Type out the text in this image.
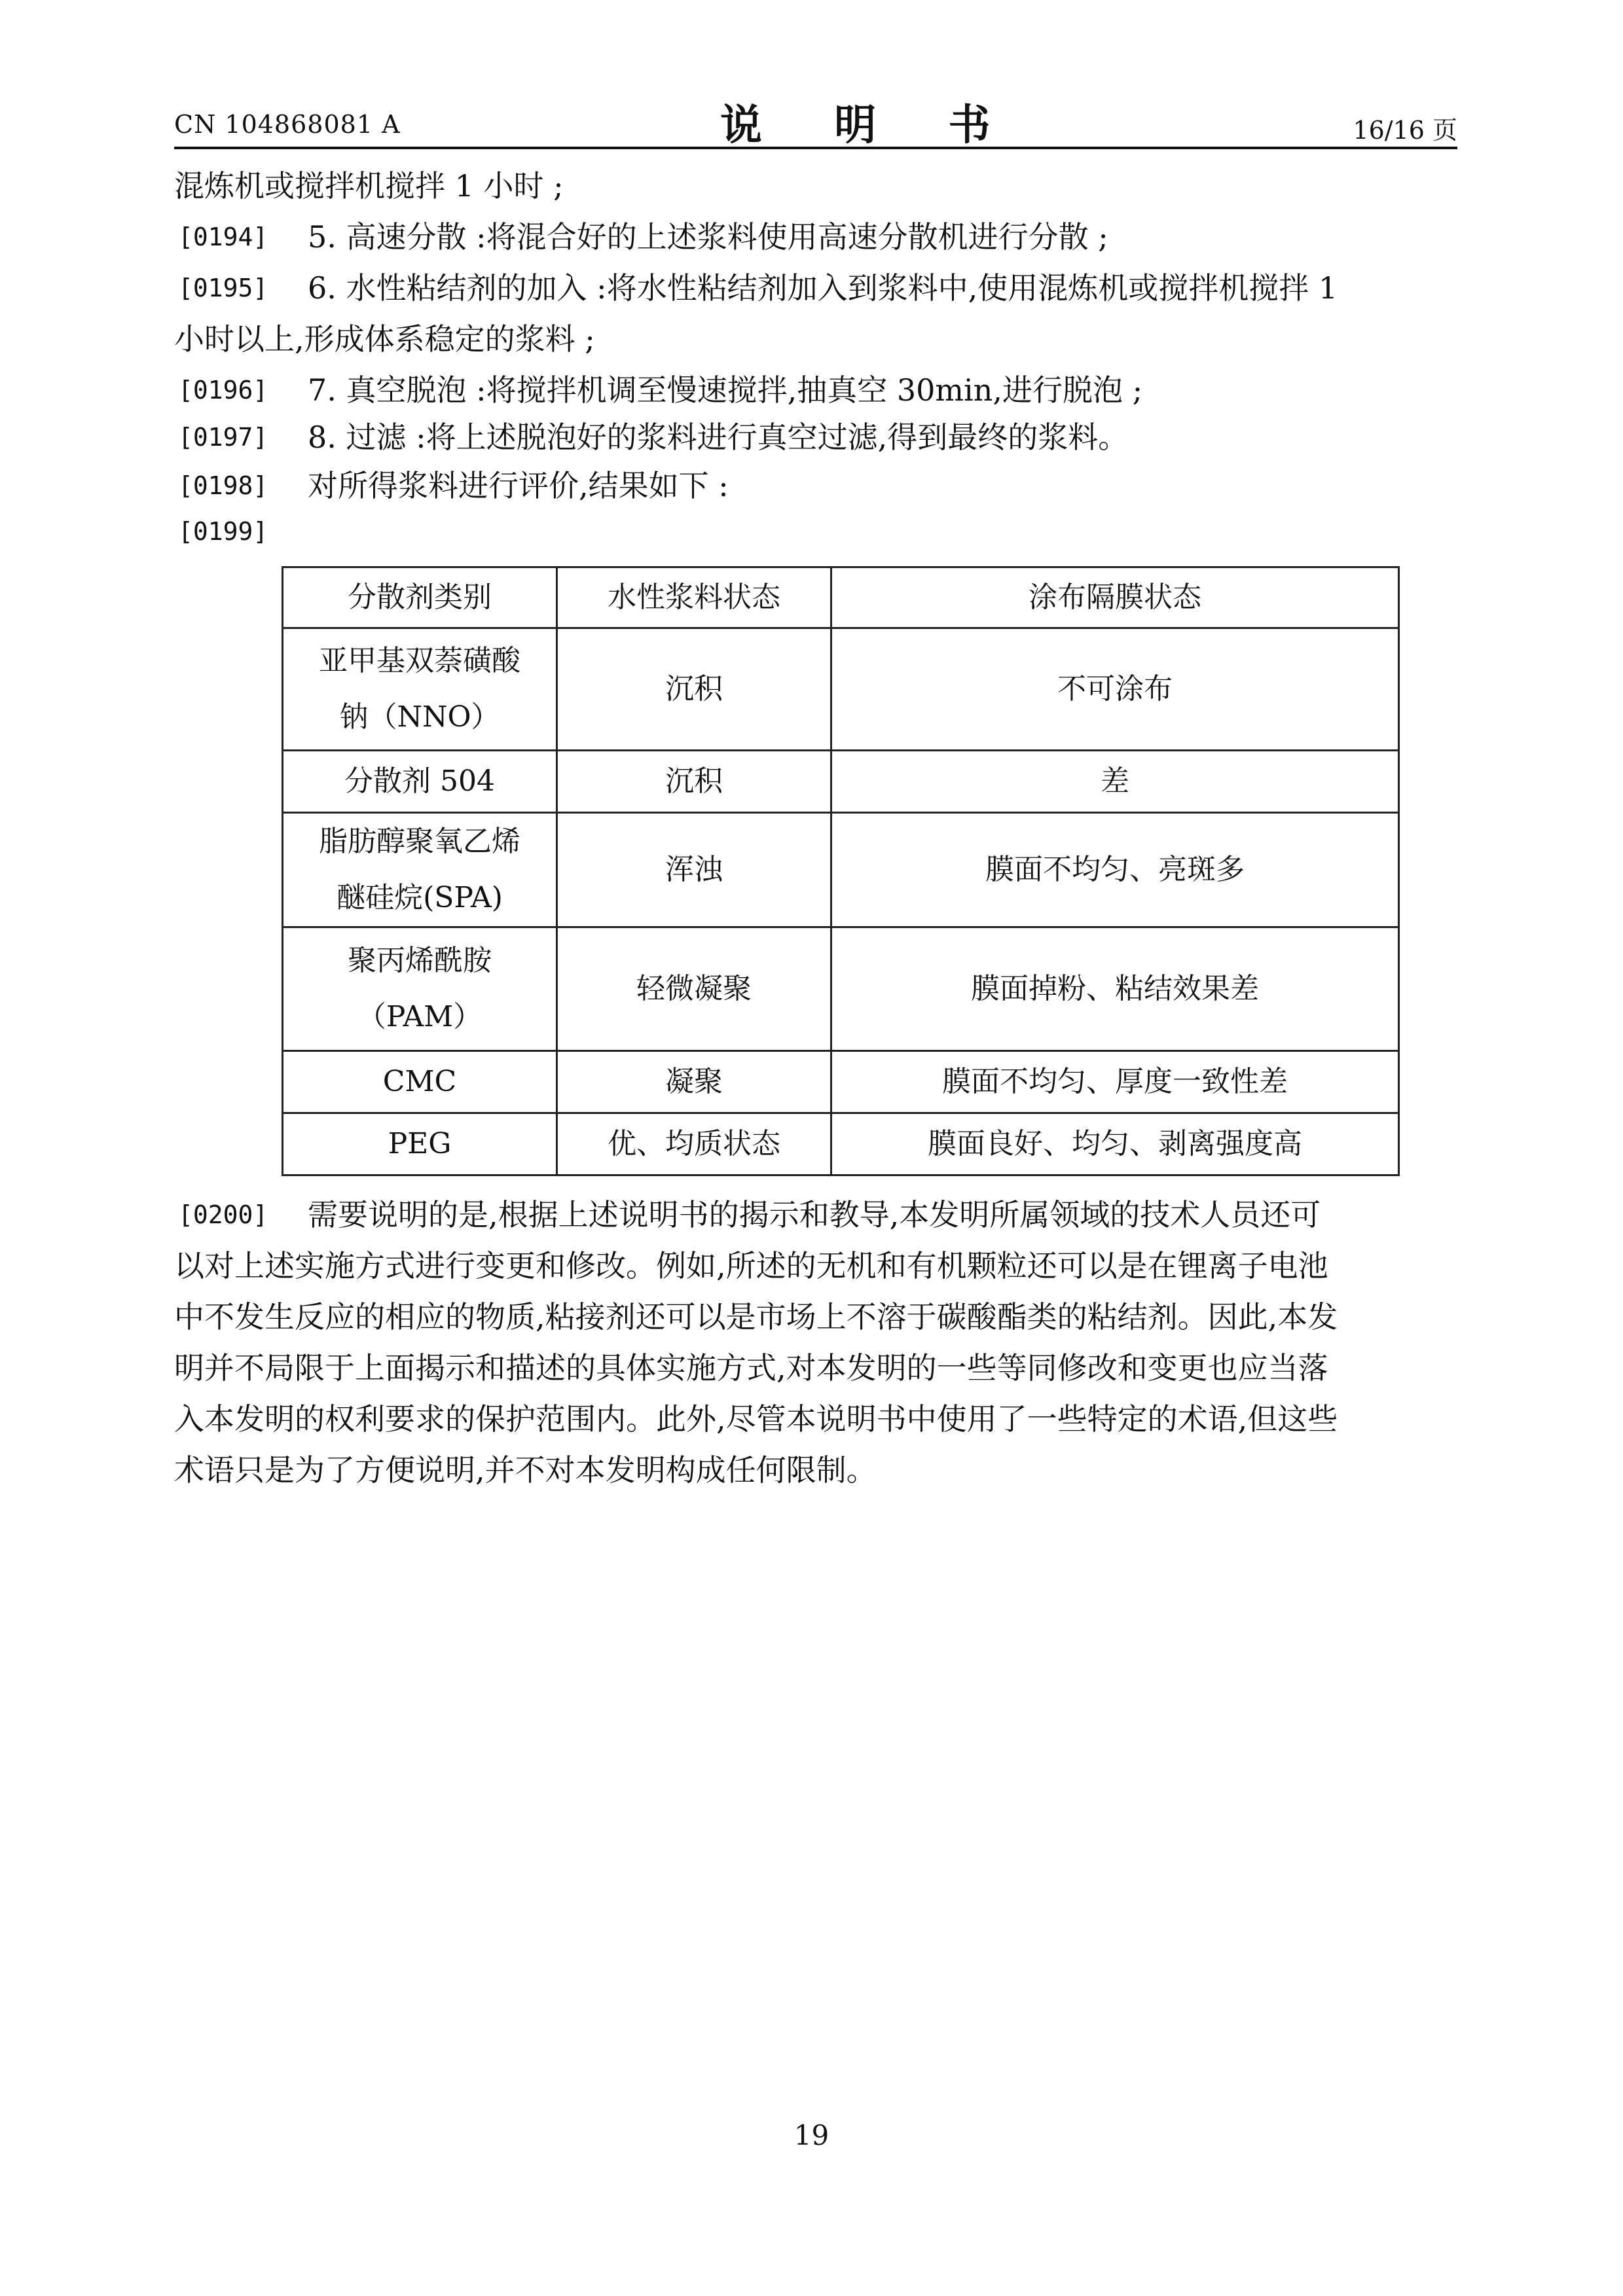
CN 104868081 A	说 明 书	16/16 页
混炼机或搅拌机搅拌 1 小时 ;
[0194] 5. 高速分散 :将混合好的上述浆料使用高速分散机进行分散 ;
[0195] 6. 水性粘结剂的加入 :将水性粘结剂加入到浆料中,使用混炼机或搅拌机搅拌 1
小时以上,形成体系稳定的浆料 ;
[0196] 7. 真空脱泡 :将搅拌机调至慢速搅拌,抽真空 30min,进行脱泡 ;
[0197] 8. 过滤 :将上述脱泡好的浆料进行真空过滤,得到最终的浆料。
[0198] 对所得浆料进行评价,结果如下 :
[0199]
分散剂类别	水性浆料状态	涂布隔膜状态

亚甲基双萘磺酸
钠（NNO）	沉积	不可涂布

分散剂 504	沉积	差

脂肪醇聚氧乙烯
醚硅烷(SPA)	浑浊	膜面不均匀、亮斑多

聚丙烯酰胺
（PAM）	轻微凝聚	膜面掉粉、粘结效果差

CMC	凝聚	膜面不均匀、厚度一致性差

PEG	优、均质状态	膜面良好、均匀、剥离强度高
[0200] 需要说明的是,根据上述说明书的揭示和教导,本发明所属领域的技术人员还可
以对上述实施方式进行变更和修改。例如,所述的无机和有机颗粒还可以是在锂离子电池
中不发生反应的相应的物质,粘接剂还可以是市场上不溶于碳酸酯类的粘结剂。因此,本发
明并不局限于上面揭示和描述的具体实施方式,对本发明的一些等同修改和变更也应当落
入本发明的权利要求的保护范围内。此外,尽管本说明书中使用了一些特定的术语,但这些
术语只是为了方便说明,并不对本发明构成任何限制。
19
